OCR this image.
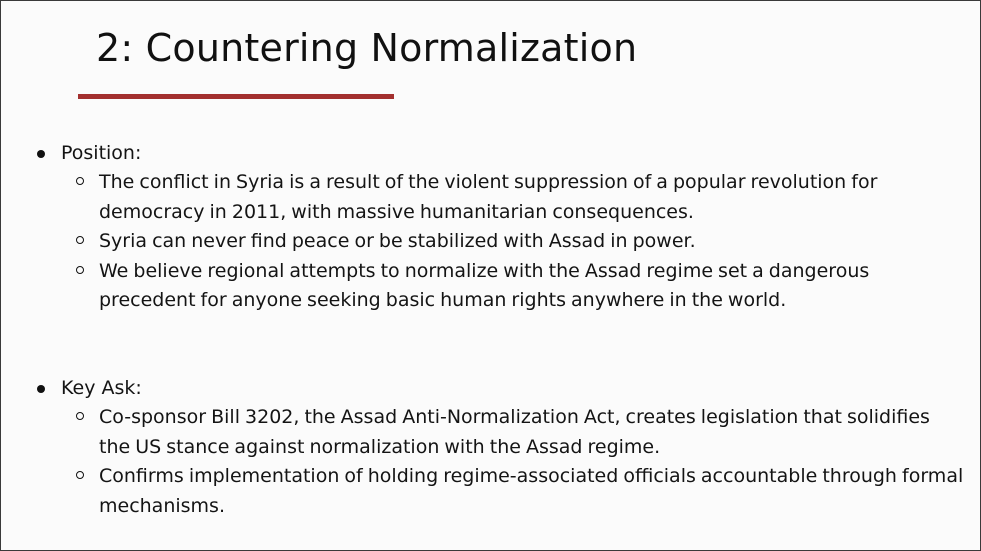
2: Countering Normalization
Position:
The conflict in Syria is a result of the violent suppression of a popular revolution for democracy in 2011, with massive humanitarian consequences.
Syria can never find peace or be stabilized with Assad in power.
We believe regional attempts to normalize with the Assad regime set a dangerous precedent for anyone seeking basic human rights anywhere in the world.
Key Ask:
Co-sponsor Bill 3202, the Assad Anti-Normalization Act, creates legislation that solidifies the US stance against normalization with the Assad regime.
Confirms implementation of holding regime-associated officials accountable through formal mechanisms.
